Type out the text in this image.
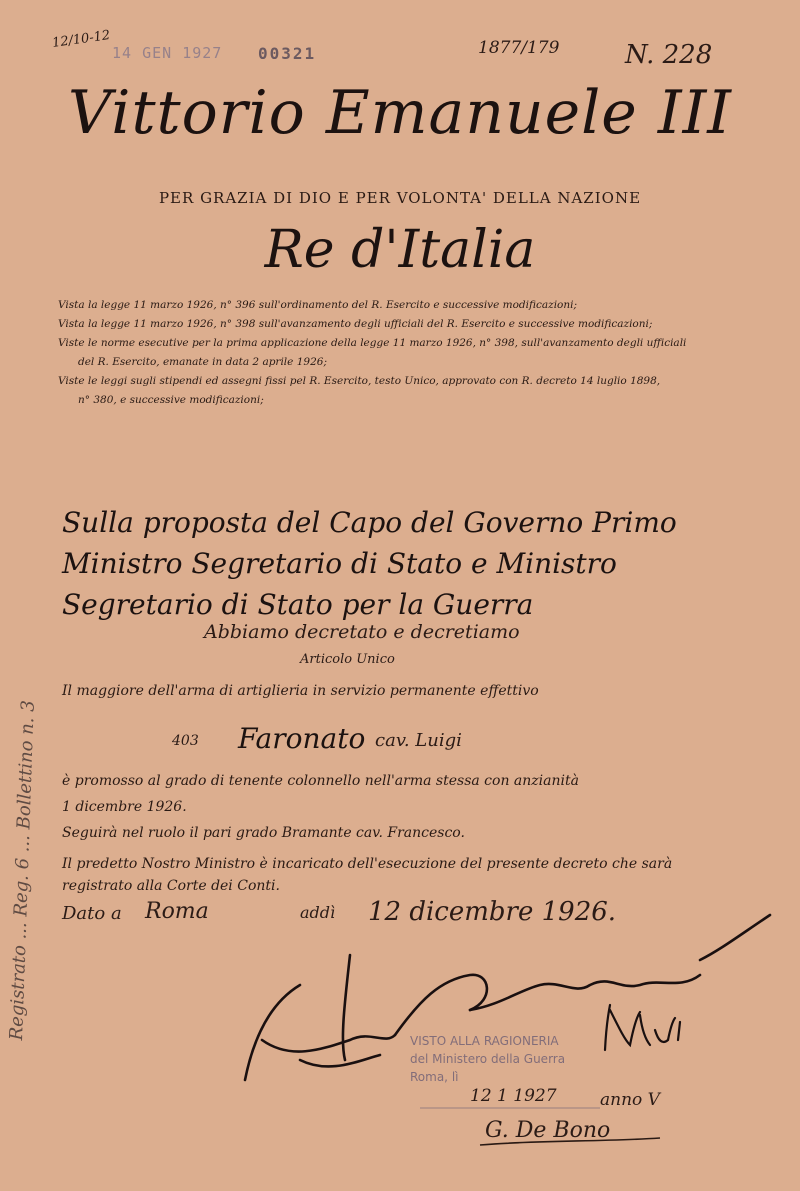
14 GEN 1927 00321
12/10-12	1877/179	N. 228
Vittorio Emanuele III
PER GRAZIA DI DIO E PER VOLONTA' DELLA NAZIONE
Re d'Italia

Vista la legge 11 marzo 1926, n° 396 sull'ordinamento del R. Esercito e successive modificazioni;

Vista la legge 11 marzo 1926, n° 398 sull'avanzamento degli ufficiali del R. Esercito e successive modificazioni;

Viste le norme esecutive per la prima applicazione della legge 11 marzo 1926, n° 398, sull'avanzamento degli ufficiali

del R. Esercito, emanate in data 2 aprile 1926;

Viste le leggi sugli stipendi ed assegni fissi pel R. Esercito, testo Unico, approvato con R. decreto 14 luglio 1898,

n° 380, e successive modificazioni;

Sulla proposta del Capo del Governo Primo

Ministro Segretario di Stato e Ministro

Segretario di Stato per la Guerra

Abbiamo decretato e decretiamo
Articolo Unico
Il maggiore dell'arma di artiglieria in servizio permanente effettivo
403 Faronato cav. Luigi
è promosso al grado di tenente colonnello nell'arma stessa con anzianità
1 dicembre 1926.
Seguirà nel ruolo il pari grado Bramante cav. Francesco.
Il predetto Nostro Ministro è incaricato dell'esecuzione del presente decreto che sarà
registrato alla Corte dei Conti.
Dato a Roma	addì 12 dicembre 1926.
Registrato ... Reg. 6 ... Bollettino n. 3
VISTO ALLA RAGIONERIA
del Ministero della Guerra
Roma, lì
12 1 1927	anno V
G. De Bono
